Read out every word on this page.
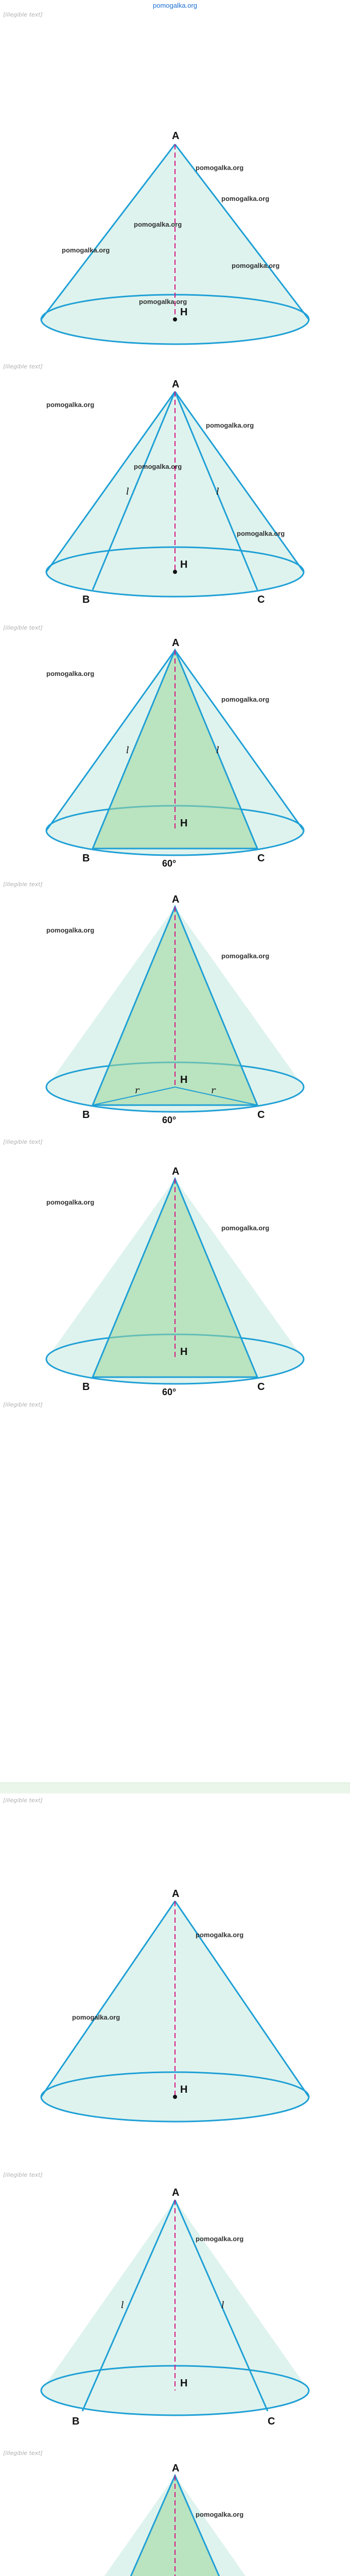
pomogalka.org
[illegible text]
A
H
pomogalka.org
pomogalka.org
pomogalka.org
pomogalka.org
pomogalka.org
pomogalka.org
[illegible text]
A
B	C
H
l	l
pomogalka.org
pomogalka.org
pomogalka.org
pomogalka.org
[illegible text]
A
B	C
H
60°
l	l
pomogalka.org
pomogalka.org
[illegible text]
A
B	C
H
r	r
60°
pomogalka.org
pomogalka.org
[illegible text]
A
B	C
H
60°
pomogalka.org
pomogalka.org
[illegible text]
[illegible text]
A
H
pomogalka.org
pomogalka.org
[illegible text]
A
B	C
H
l	l
pomogalka.org
[illegible text]
A
pomogalka.org
